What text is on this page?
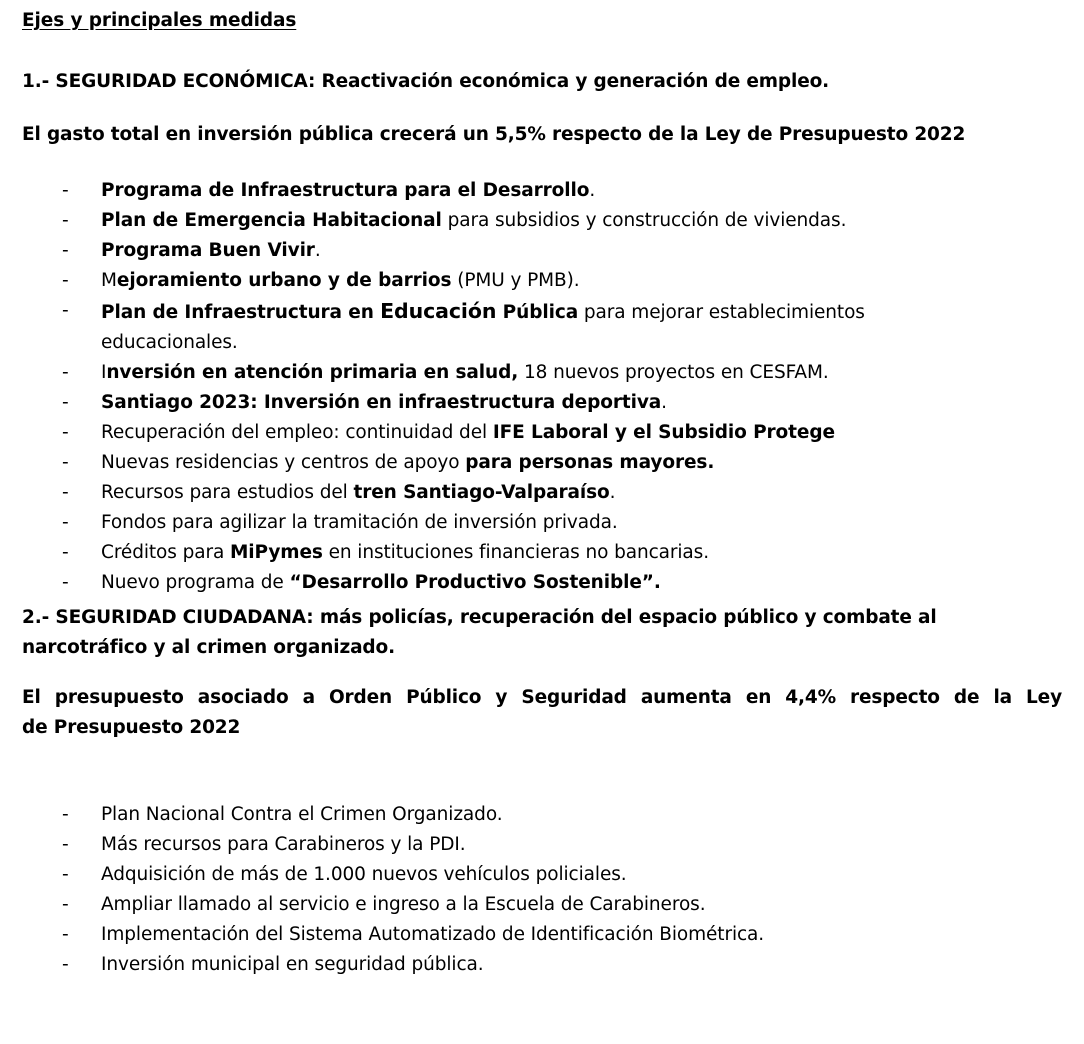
Ejes y principales medidas
1.- SEGURIDAD ECONÓMICA: Reactivación económica y generación de empleo.
El gasto total en inversión pública crecerá un 5,5% respecto de la Ley de Presupuesto 2022
- Programa de Infraestructura para el Desarrollo.
- Plan de Emergencia Habitacional para subsidios y construcción de viviendas.
- Programa Buen Vivir.
- Mejoramiento urbano y de barrios (PMU y PMB).
- Plan de Infraestructura en Educación Pública para mejorar establecimientos
educacionales.
- Inversión en atención primaria en salud, 18 nuevos proyectos en CESFAM.
- Santiago 2023: Inversión en infraestructura deportiva.
- Recuperación del empleo: continuidad del IFE Laboral y el Subsidio Protege
- Nuevas residencias y centros de apoyo para personas mayores.
- Recursos para estudios del tren Santiago-Valparaíso.
- Fondos para agilizar la tramitación de inversión privada.
- Créditos para MiPymes en instituciones financieras no bancarias.
- Nuevo programa de “Desarrollo Productivo Sostenible”.
2.- SEGURIDAD CIUDADANA: más policías, recuperación del espacio público y combate al narcotráfico y al crimen organizado.
El presupuesto asociado a Orden Público y Seguridad aumenta en 4,4% respecto de la Ley
de Presupuesto 2022
- Plan Nacional Contra el Crimen Organizado.
- Más recursos para Carabineros y la PDI.
- Adquisición de más de 1.000 nuevos vehículos policiales.
- Ampliar llamado al servicio e ingreso a la Escuela de Carabineros.
- Implementación del Sistema Automatizado de Identificación Biométrica.
- Inversión municipal en seguridad pública.
